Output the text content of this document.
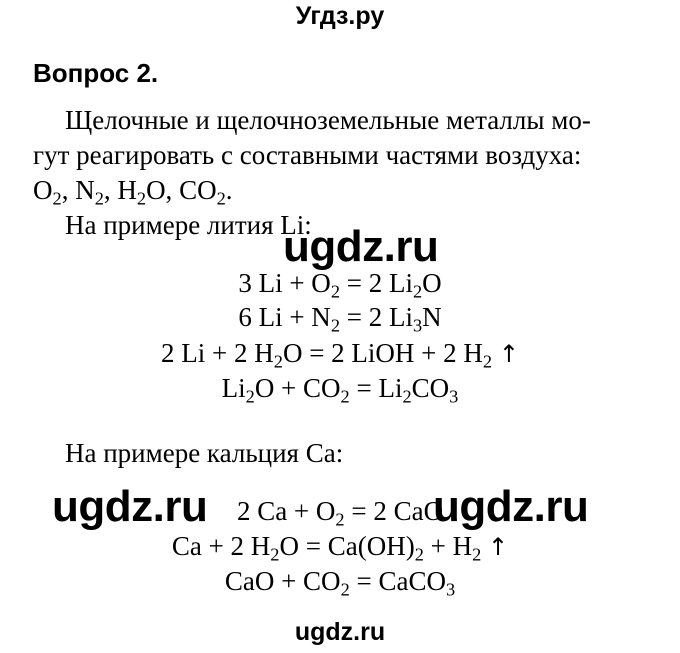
Угдз.ру
Вопрос 2.
Щелочные и щелочноземельные металлы мо-
гут реагировать с составными частями воздуха:
$O_2$, $N_2$, $H_2O$, $CO_2$.
На примере лития Li:
ugdz.ru
3 $Li + O_2 = 2$ $Li_2O$
6 $Li + N_2 = 2$ $Li_3N$
2 Li + 2 $H_2O = 2$ LiOH + 2 $H_2$ ↑
$Li_2O + CO_2 = Li_2CO_3$
На примере кальция Ca:
2 $Ca + O_2 = 2$ CaO
ugdz.ru	ugdz.ru
Ca + 2 $H_2O = Ca(OH)_2 + H_2$ ↑
CaO + $CO_2$ = CaCO$_3$
ugdz.ru
